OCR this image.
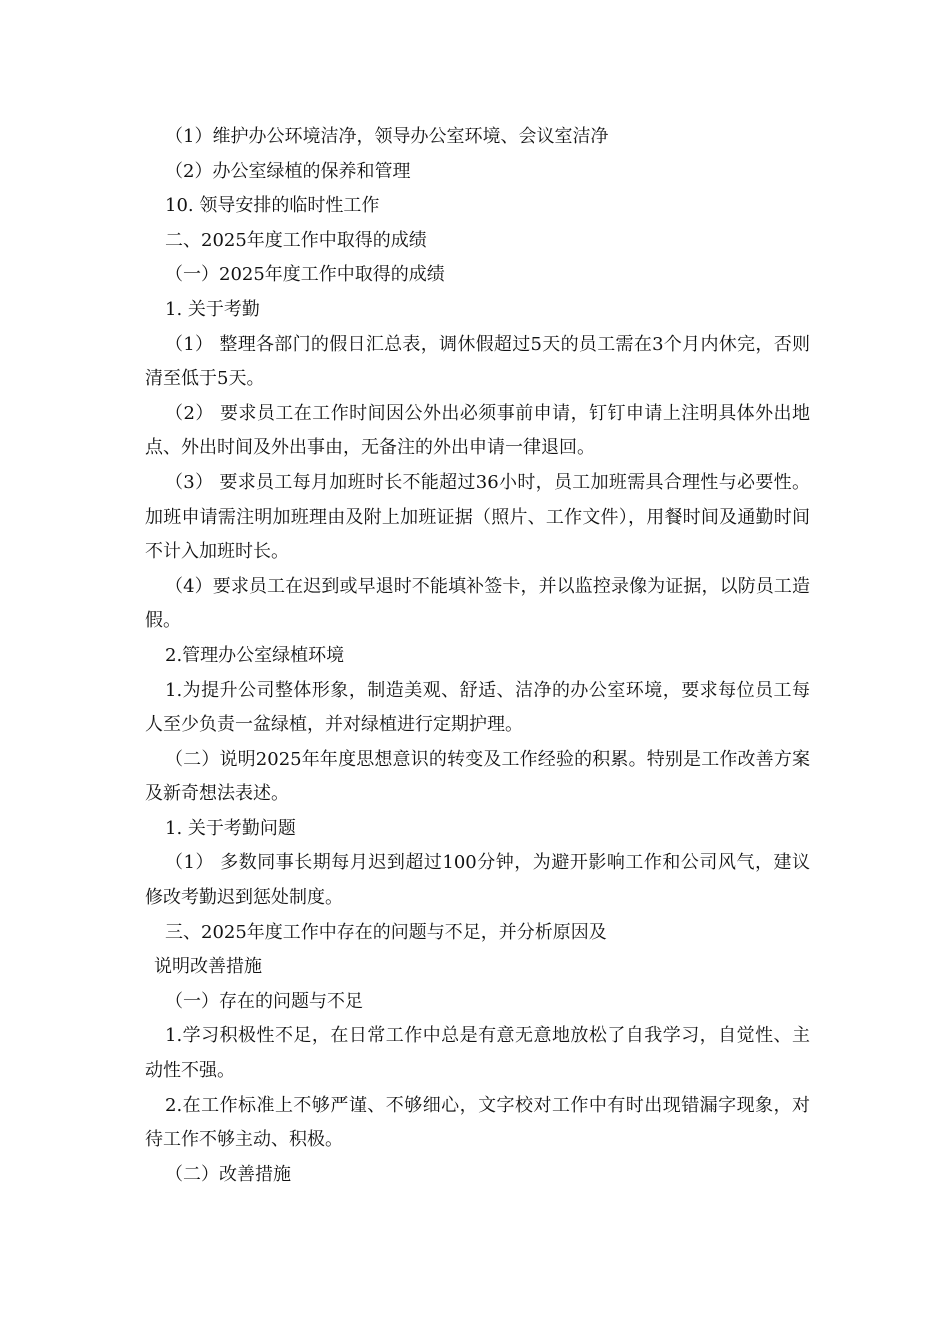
（1）维护办公环境洁净，领导办公室环境、会议室洁净

（2）办公室绿植的保养和管理

10. 领导安排的临时性工作

二、2025年度工作中取得的成绩

（一）2025年度工作中取得的成绩

1. 关于考勤

（1） 整理各部门的假日汇总表，调休假超过5天的员工需在3个月内休完，否则清至低于5天。

（2） 要求员工在工作时间因公外出必须事前申请，钉钉申请上注明具体外出地点、外出时间及外出事由，无备注的外出申请一律退回。

（3） 要求员工每月加班时长不能超过36小时，员工加班需具合理性与必要性。加班申请需注明加班理由及附上加班证据（照片、工作文件），用餐时间及通勤时间不计入加班时长。

（4）要求员工在迟到或早退时不能填补签卡，并以监控录像为证据，以防员工造假。

2.管理办公室绿植环境

1.为提升公司整体形象，制造美观、舒适、洁净的办公室环境，要求每位员工每人至少负责一盆绿植，并对绿植进行定期护理。

（二）说明2025年年度思想意识的转变及工作经验的积累。特别是工作改善方案及新奇想法表述。

1. 关于考勤问题

（1） 多数同事长期每月迟到超过100分钟，为避开影响工作和公司风气，建议修改考勤迟到惩处制度。

三、2025年度工作中存在的问题与不足，并分析原因及

说明改善措施

（一）存在的问题与不足

1.学习积极性不足，在日常工作中总是有意无意地放松了自我学习，自觉性、主动性不强。

2.在工作标准上不够严谨、不够细心，文字校对工作中有时出现错漏字现象，对待工作不够主动、积极。

（二）改善措施
